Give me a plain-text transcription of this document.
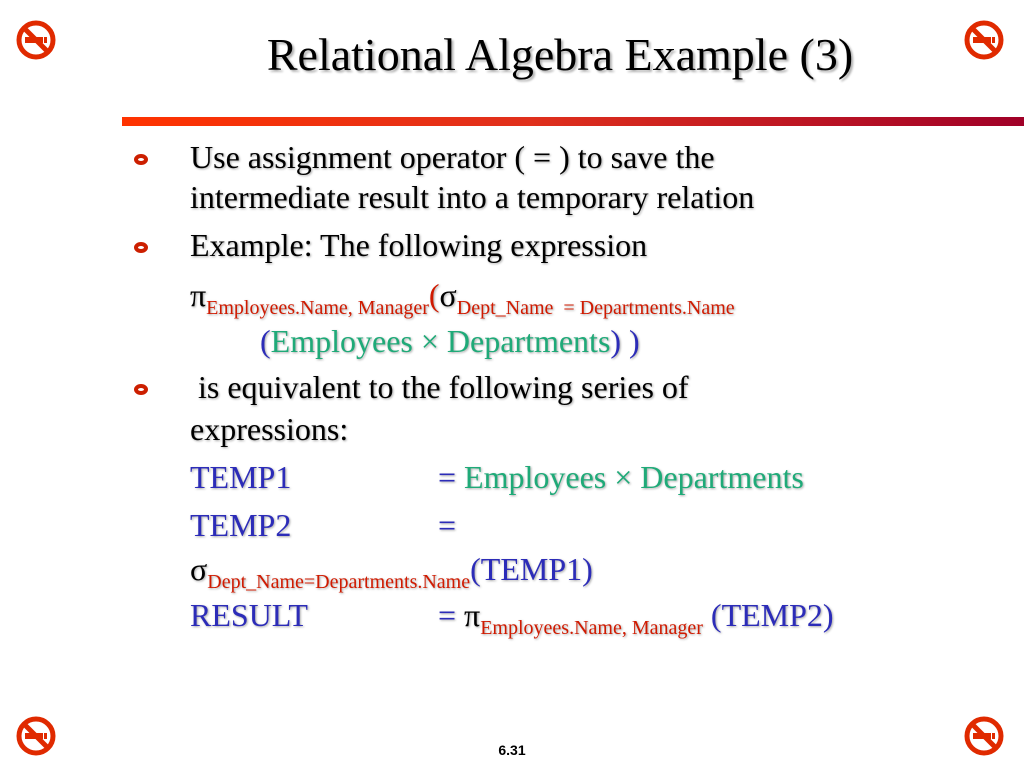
Relational Algebra Example (3)
Use assignment operator ( = ) to save the
intermediate result into a temporary relation
Example: The following expression
$\pi_{Employees.Name, Manager}(\sigma_{Dept\_Name}$ $_{= Departments.Name}$
(Employees × Departments) )
is equivalent to the following series of
expressions:
TEMP1	= Employees × Departments
TEMP2	=
$\sigma_{Dept\_Name=Departments.Name}(TEMP1)$
RESULT	= $\pi_{Employees.Name, Manager}$ (TEMP2)
6.31
